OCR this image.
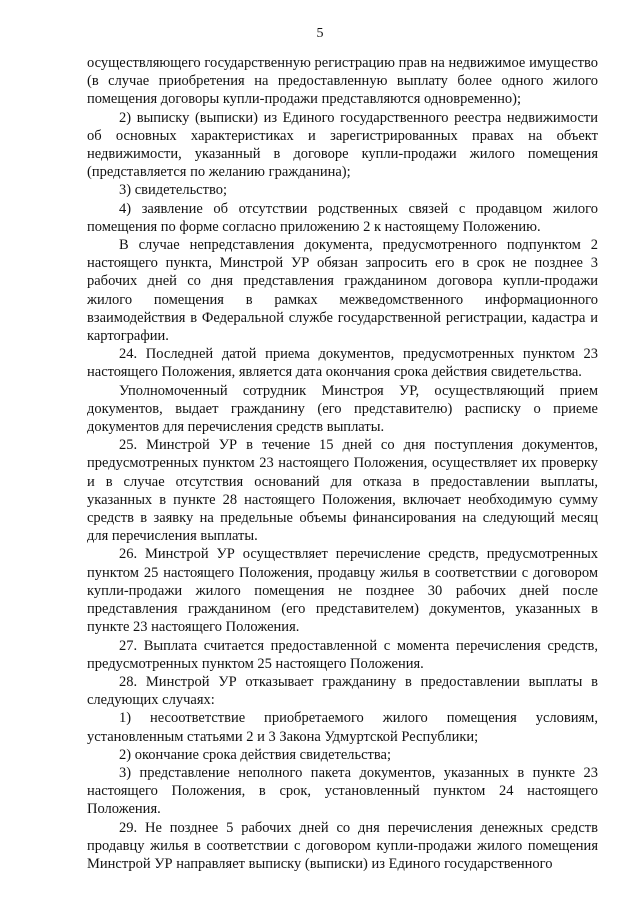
5

осуществляющего государственную регистрацию прав на недвижимое имущество (в случае приобретения на предоставленную выплату более одного жилого помещения договоры купли-продажи представляются одновременно);

2) выписку (выписки) из Единого государственного реестра недвижимости об основных характеристиках и зарегистрированных правах на объект недвижимости, указанный в договоре купли-продажи жилого помещения (представляется по желанию гражданина);

3) свидетельство;

4) заявление об отсутствии родственных связей с продавцом жилого помещения по форме согласно приложению 2 к настоящему Положению.

В случае непредставления документа, предусмотренного подпунктом 2 настоящего пункта, Минстрой УР обязан запросить его в срок не позднее 3 рабочих дней со дня представления гражданином договора купли-продажи жилого помещения в рамках межведомственного информационного взаимодействия в Федеральной службе государственной регистрации, кадастра и картографии.

24. Последней датой приема документов, предусмотренных пунктом 23 настоящего Положения, является дата окончания срока действия свидетельства.

Уполномоченный сотрудник Минстроя УР, осуществляющий прием документов, выдает гражданину (его представителю) расписку о приеме документов для перечисления средств выплаты.

25. Минстрой УР в течение 15 дней со дня поступления документов, предусмотренных пунктом 23 настоящего Положения, осуществляет их проверку и в случае отсутствия оснований для отказа в предоставлении выплаты, указанных в пункте 28 настоящего Положения, включает необходимую сумму средств в заявку на предельные объемы финансирования на следующий месяц для перечисления выплаты.

26. Минстрой УР осуществляет перечисление средств, предусмотренных пунктом 25 настоящего Положения, продавцу жилья в соответствии с договором купли-продажи жилого помещения не позднее 30 рабочих дней после представления гражданином (его представителем) документов, указанных в пункте 23 настоящего Положения.

27. Выплата считается предоставленной с момента перечисления средств, предусмотренных пунктом 25 настоящего Положения.

28. Минстрой УР отказывает гражданину в предоставлении выплаты в следующих случаях:

1) несоответствие приобретаемого жилого помещения условиям, установленным статьями 2 и 3 Закона Удмуртской Республики;

2) окончание срока действия свидетельства;

3) представление неполного пакета документов, указанных в пункте 23 настоящего Положения, в срок, установленный пунктом 24 настоящего Положения.

29. Не позднее 5 рабочих дней со дня перечисления денежных средств продавцу жилья в соответствии с договором купли-продажи жилого помещения Минстрой УР направляет выписку (выписки) из Единого государственного
